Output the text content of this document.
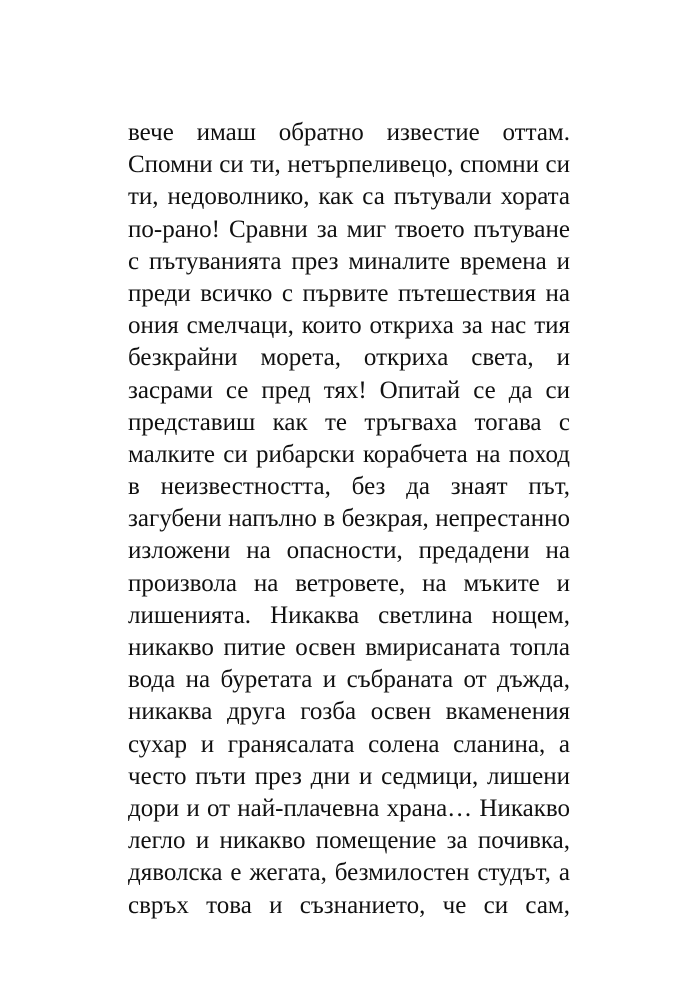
вече имаш обратно известие оттам.
Спомни си ти, нетърпеливецо, спомни си
ти, недоволнико, как са пътували хората
по-рано! Сравни за миг твоето пътуване
с пътуванията през миналите времена и
преди всичко с първите пътешествия на
ония смелчаци, които откриха за нас тия
безкрайни морета, откриха света, и
засрами се пред тях! Опитай се да си
представиш как те тръгваха тогава с
малките си рибарски корабчета на поход
в неизвестността, без да знаят път,
загубени напълно в безкрая, непрестанно
изложени на опасности, предадени на
произвола на ветровете, на мъките и
лишенията. Никаква светлина нощем,
никакво питие освен вмирисаната топла
вода на буретата и събраната от дъжда,
никаква друга гозба освен вкаменения
сухар и гранясалата солена сланина, а
често пъти през дни и седмици, лишени
дори и от най-плачевна храна… Никакво
легло и никакво помещение за почивка,
дяволска е жегата, безмилостен студът, а
свръх това и съзнанието, че си сам,
